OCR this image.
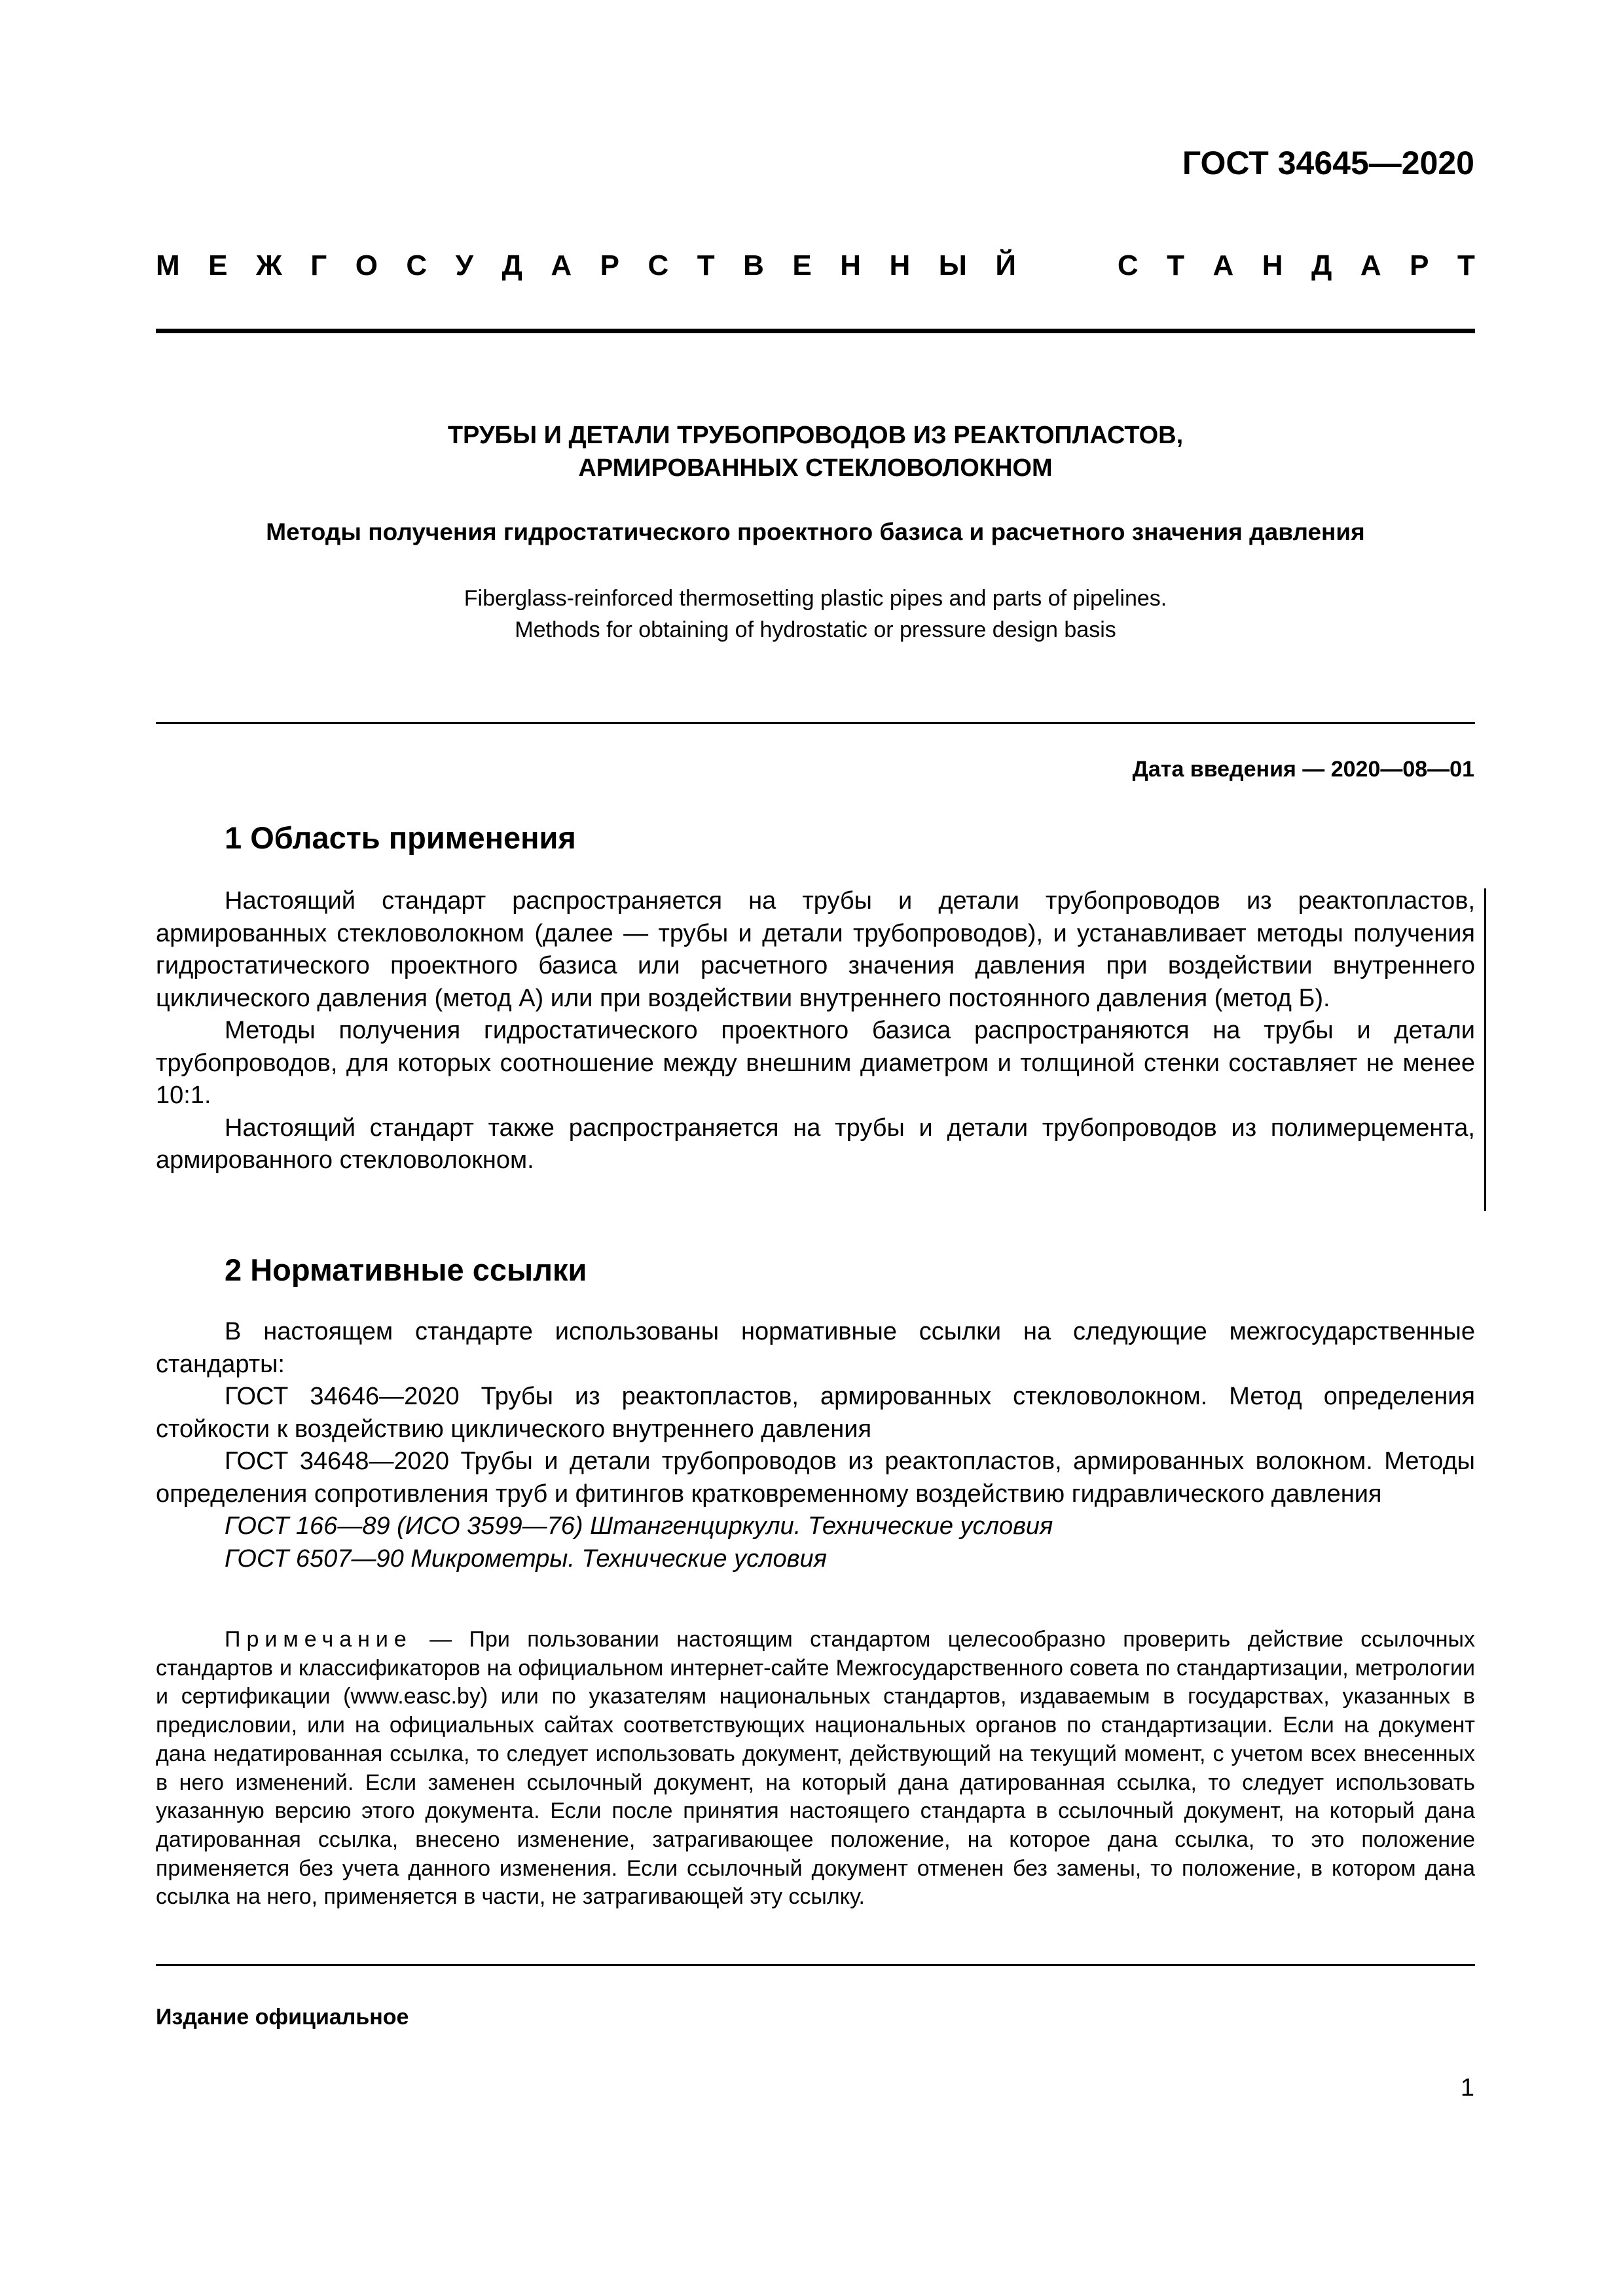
ГОСТ 34645—2020

М Е Ж Г О С У Д А Р С Т В Е Н Н Ы Й

	С Т А Н Д А Р Т
ТРУБЫ И ДЕТАЛИ ТРУБОПРОВОДОВ ИЗ РЕАКТОПЛАСТОВ,
АРМИРОВАННЫХ СТЕКЛОВОЛОКНОМ

Методы получения гидростатического проектного базиса и расчетного значения давления

Fiberglass-reinforced thermosetting plastic pipes and parts of pipelines.
Methods for obtaining of hydrostatic or pressure design basis

Дата введения — 2020—08—01

1 Область применения

Настоящий стандарт распространяется на трубы и детали трубопроводов из реактопластов, армированных стекловолокном (далее — трубы и детали трубопроводов), и устанавливает методы получения гидростатического проектного базиса или расчетного значения давления при воздействии внутреннего циклического давления (метод А) или при воздействии внутреннего постоянного давления (метод Б).

Методы получения гидростатического проектного базиса распространяются на трубы и детали трубопроводов, для которых соотношение между внешним диаметром и толщиной стенки составляет не менее 10:1.

Настоящий стандарт также распространяется на трубы и детали трубопроводов из полимерцемента, армированного стекловолокном.

2 Нормативные ссылки

В настоящем стандарте использованы нормативные ссылки на следующие межгосударственные стандарты:

ГОСТ 34646—2020 Трубы из реактопластов, армированных стекловолокном. Метод определения стойкости к воздействию циклического внутреннего давления

ГОСТ 34648—2020 Трубы и детали трубопроводов из реактопластов, армированных волокном. Методы определения сопротивления труб и фитингов кратковременному воздействию гидравлического давления

ГОСТ 166—89 (ИСО 3599—76) Штангенциркули. Технические условия

ГОСТ 6507—90 Микрометры. Технические условия

Примечание — При пользовании настоящим стандартом целесообразно проверить действие ссылочных стандартов и классификаторов на официальном интернет-сайте Межгосударственного совета по стандартизации, метрологии и сертификации (www.easc.by) или по указателям национальных стандартов, издаваемым в государствах, указанных в предисловии, или на официальных сайтах соответствующих национальных органов по стандартизации. Если на документ дана недатированная ссылка, то следует использовать документ, действующий на текущий момент, с учетом всех внесенных в него изменений. Если заменен ссылочный документ, на который дана датированная ссылка, то следует использовать указанную версию этого документа. Если после принятия настоящего стандарта в ссылочный документ, на который дана датированная ссылка, внесено изменение, затрагивающее положение, на которое дана ссылка, то это положение применяется без учета данного изменения. Если ссылочный документ отменен без замены, то положение, в котором дана ссылка на него, применяется в части, не затрагивающей эту ссылку.

Издание официальное

1
